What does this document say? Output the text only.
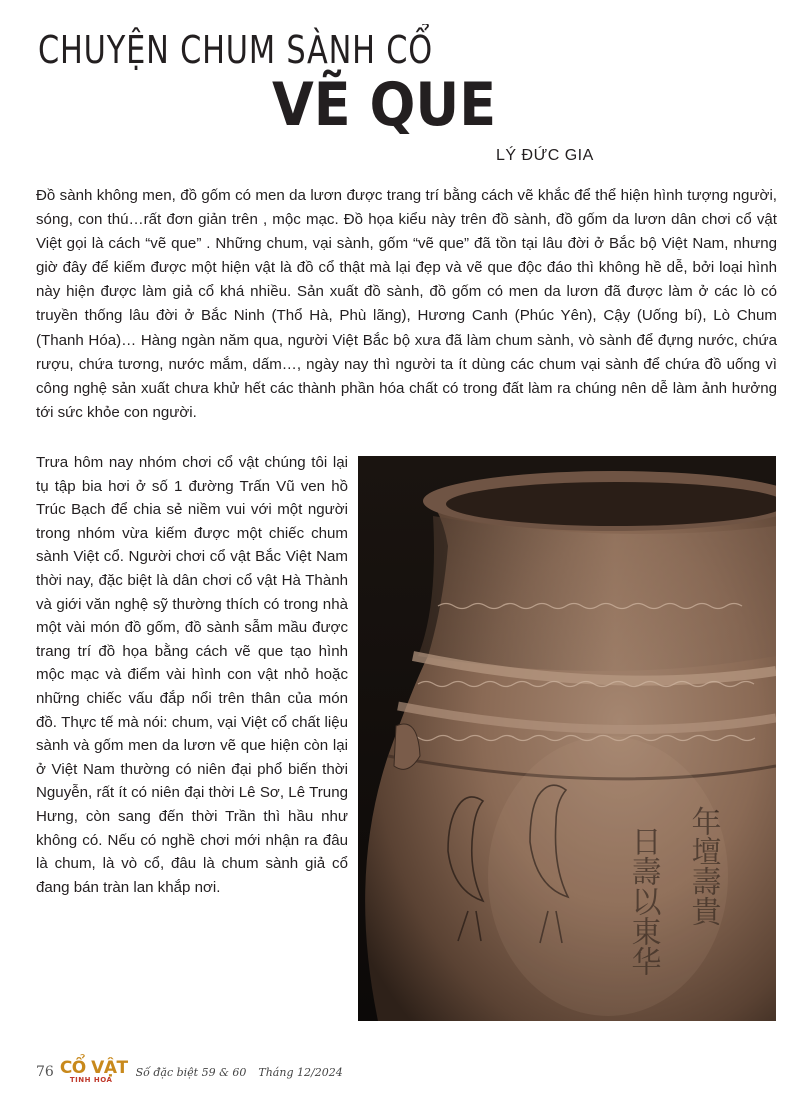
CHUYỆN CHUM SÀNH CỔ
VẼ QUE
LÝ ĐỨC GIA

Đồ sành không men, đồ gốm có men da lươn được trang trí bằng cách vẽ khắc để thể hiện hình tượng người, sóng, con thú…rất đơn giản trên , mộc mạc. Đồ họa kiểu này trên đồ sành, đồ gốm da lươn dân chơi cổ vật Việt gọi là cách “vẽ que” . Những chum, vại sành, gốm “vẽ que” đã tồn tại lâu đời ở Bắc bộ Việt Nam, nhưng giờ đây để kiếm được một hiện vật là đồ cổ thật mà lại đẹp và vẽ que độc đáo thì không hề dễ, bởi loại hình này hiện được làm giả cổ khá nhiều. Sản xuất đồ sành, đồ gốm có men da lươn đã được làm ở các lò có truyền thống lâu đời ở Bắc Ninh (Thổ Hà, Phù lãng), Hương Canh (Phúc Yên), Cậy (Uống bí), Lò Chum (Thanh Hóa)… Hàng ngàn năm qua, người Việt Bắc bộ xưa đã làm chum sành, vò sành để đựng nước, chứa rượu, chứa tương, nước mắm, dấm…, ngày nay thì người ta ít dùng các chum vại sành để chứa đồ uống vì công nghệ sản xuất chưa khử hết các thành phần hóa chất có trong đất làm ra chúng nên dễ làm ảnh hưởng tới sức khỏe con người.

Trưa hôm nay nhóm chơi cổ vật chúng tôi lại tụ tập bia hơi ở số 1 đường Trấn Vũ ven hồ Trúc Bạch để chia sẻ niềm vui với một người trong nhóm vừa kiếm được một chiếc chum sành Việt cổ. Người chơi cổ vật Bắc Việt Nam thời nay, đặc biệt là dân chơi cổ vật Hà Thành và giới văn nghệ sỹ thường thích có trong nhà một vài món đồ gốm, đồ sành sẫm mầu được trang trí đồ họa bằng cách vẽ que tạo hình mộc mạc và điểm vài hình con vật nhỏ hoặc những chiếc vấu đắp nổi trên thân của món đồ. Thực tế mà nói: chum, vại Việt cổ chất liệu sành và gốm men da lươn vẽ que hiện còn lại ở Việt Nam thường có niên đại phổ biến thời Nguyễn, rất ít có niên đại thời Lê Sơ, Lê Trung Hưng, còn sang đến thời Trần thì hầu như không có. Nếu có nghề chơi mới nhận ra đâu là chum, là vò cổ, đâu là chum sành giả cổ đang bán tràn lan khắp nơi.	年壇壽貴
日壽以東华
76 CỔ VẬT
TINH HOA
Số đặc biệt 59 & 60 Tháng 12/2024
